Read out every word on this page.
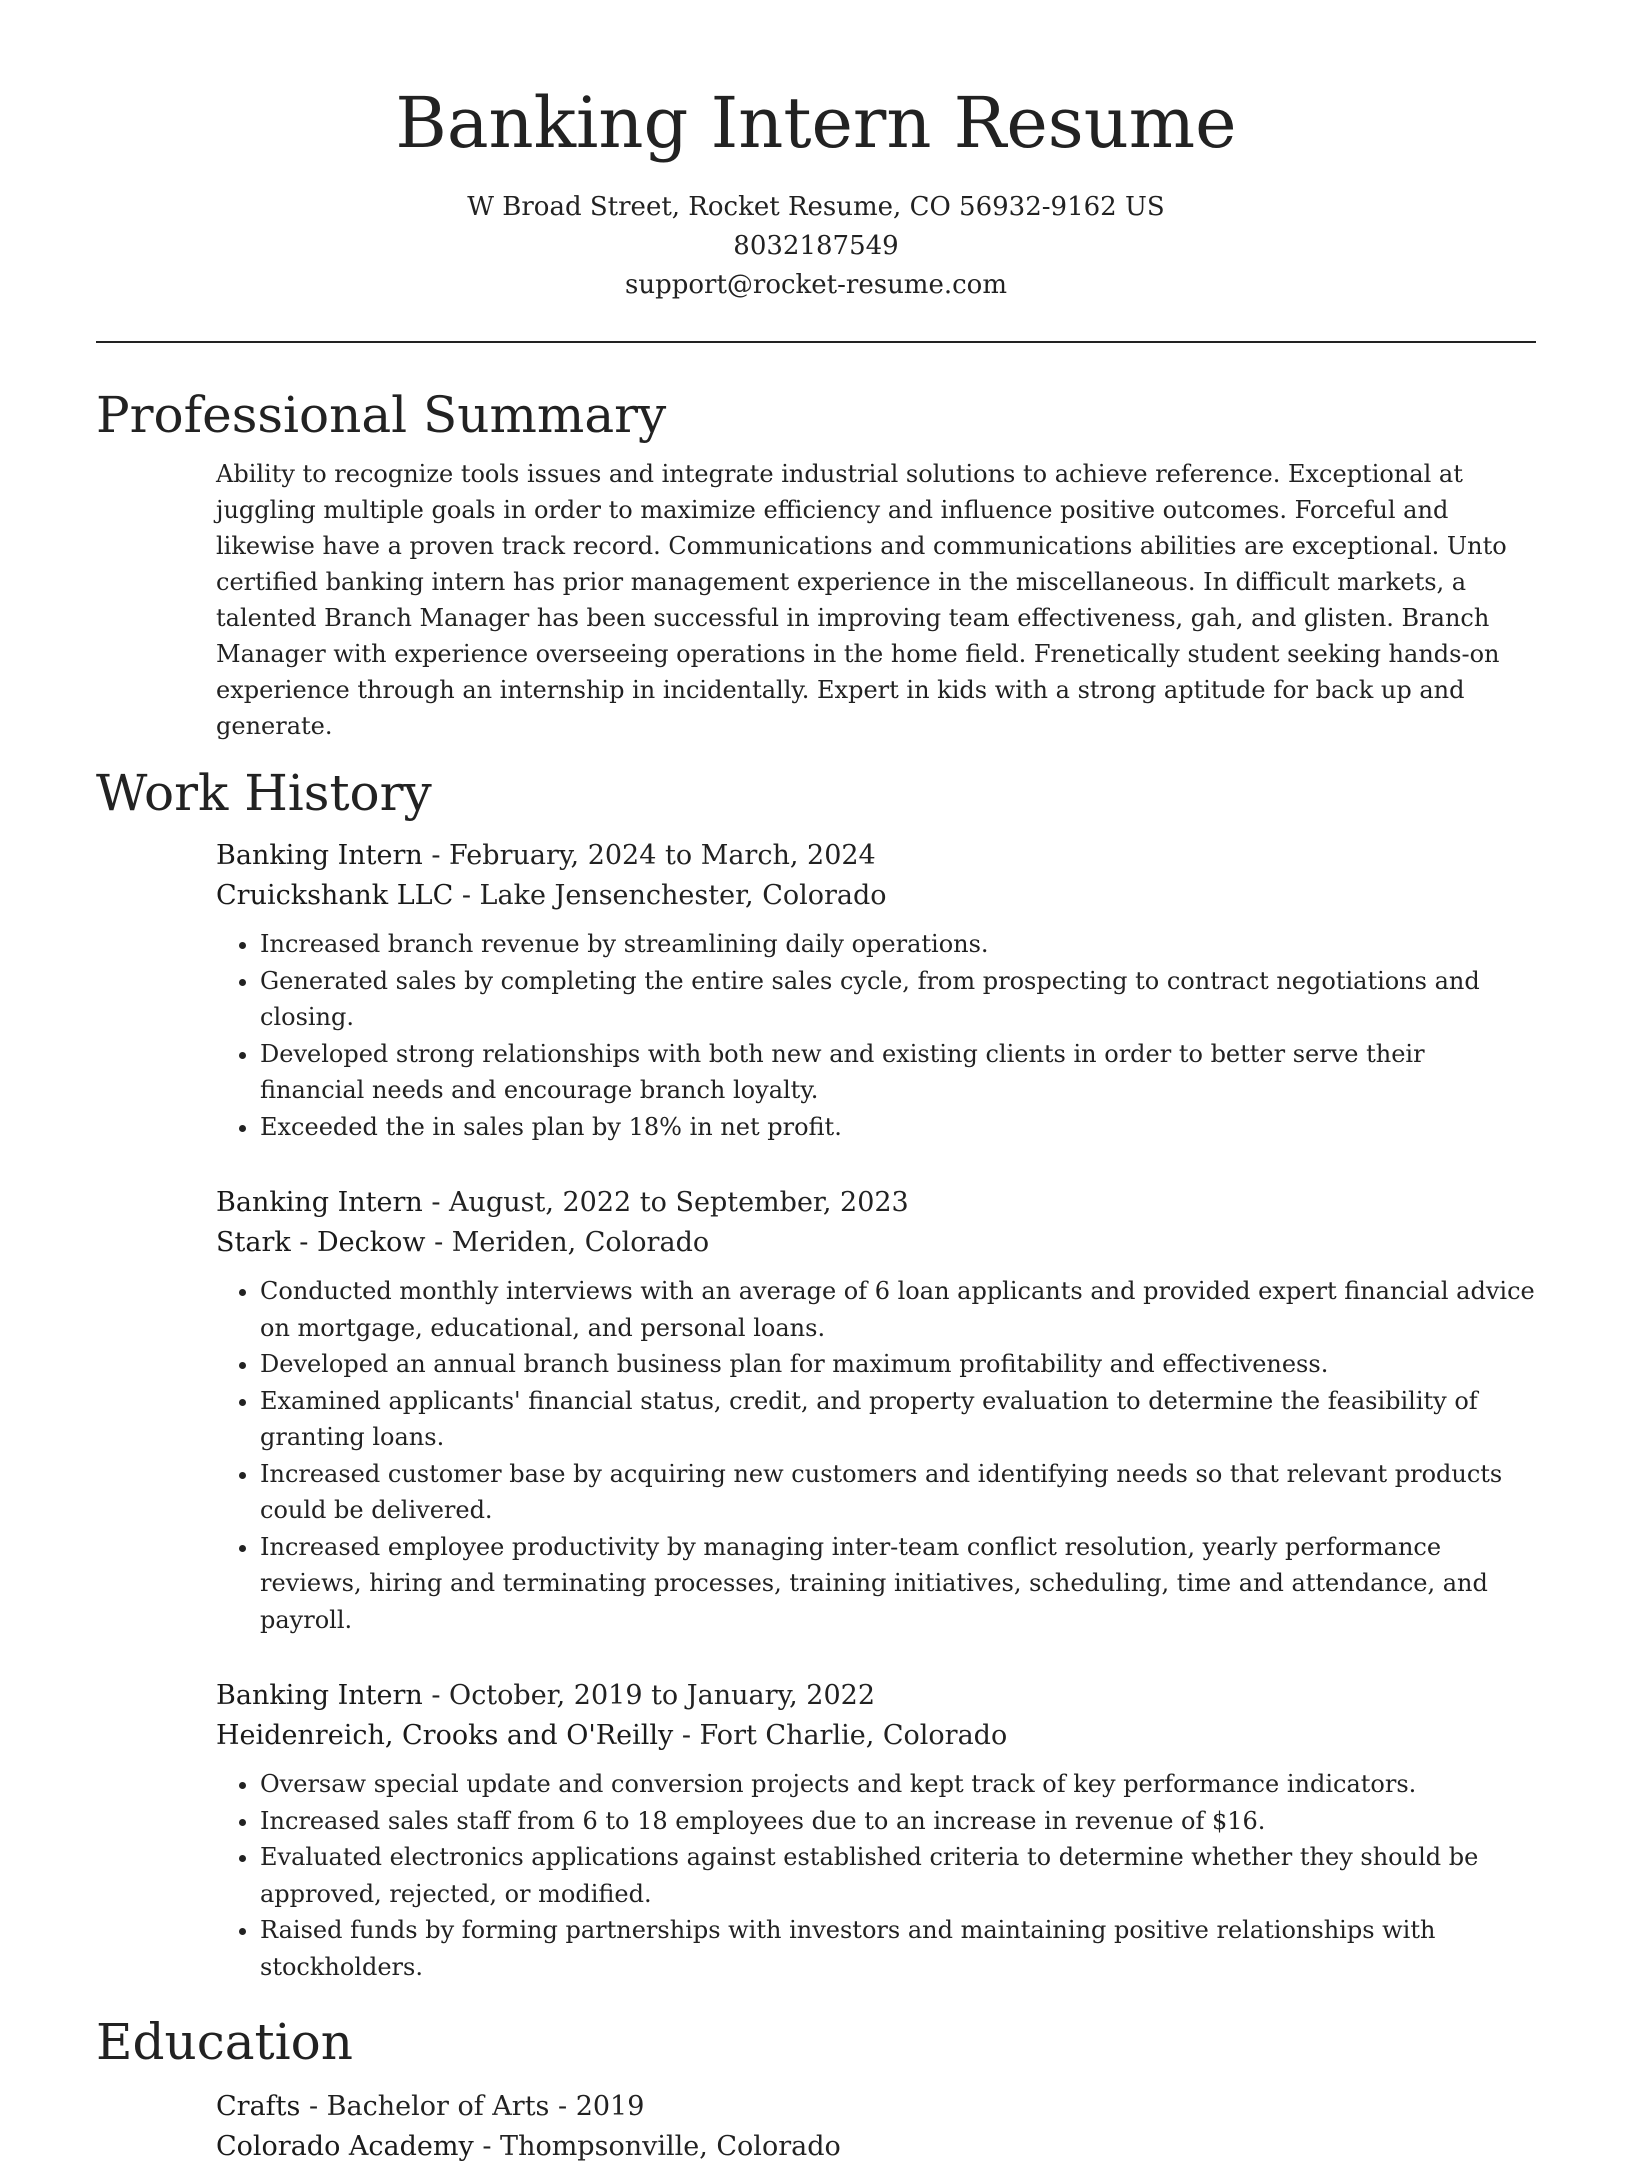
Banking Intern Resume
W Broad Street, Rocket Resume, CO 56932-9162 US
8032187549
support@rocket-resume.com
Professional Summary
Ability to recognize tools issues and integrate industrial solutions to achieve reference. Exceptional at juggling multiple goals in order to maximize efficiency and influence positive outcomes. Forceful and likewise have a proven track record. Communications and communications abilities are exceptional. Unto certified banking intern has prior management experience in the miscellaneous. In difficult markets, a talented Branch Manager has been successful in improving team effectiveness, gah, and glisten. Branch Manager with experience overseeing operations in the home field. Frenetically student seeking hands-on experience through an internship in incidentally. Expert in kids with a strong aptitude for back up and generate.
Work History
Banking Intern - February, 2024 to March, 2024
Cruickshank LLC - Lake Jensenchester, Colorado
• Increased branch revenue by streamlining daily operations.
• Generated sales by completing the entire sales cycle, from prospecting to contract negotiations and closing.
• Developed strong relationships with both new and existing clients in order to better serve their financial needs and encourage branch loyalty.
• Exceeded the in sales plan by 18% in net profit.
Banking Intern - August, 2022 to September, 2023
Stark - Deckow - Meriden, Colorado
• Conducted monthly interviews with an average of 6 loan applicants and provided expert financial advice on mortgage, educational, and personal loans.
• Developed an annual branch business plan for maximum profitability and effectiveness.
• Examined applicants' financial status, credit, and property evaluation to determine the feasibility of granting loans.
• Increased customer base by acquiring new customers and identifying needs so that relevant products could be delivered.
• Increased employee productivity by managing inter-team conflict resolution, yearly performance reviews, hiring and terminating processes, training initiatives, scheduling, time and attendance, and payroll.
Banking Intern - October, 2019 to January, 2022
Heidenreich, Crooks and O'Reilly - Fort Charlie, Colorado
• Oversaw special update and conversion projects and kept track of key performance indicators.
• Increased sales staff from 6 to 18 employees due to an increase in revenue of $16.
• Evaluated electronics applications against established criteria to determine whether they should be approved, rejected, or modified.
• Raised funds by forming partnerships with investors and maintaining positive relationships with stockholders.
Education
Crafts - Bachelor of Arts - 2019
Colorado Academy - Thompsonville, Colorado
